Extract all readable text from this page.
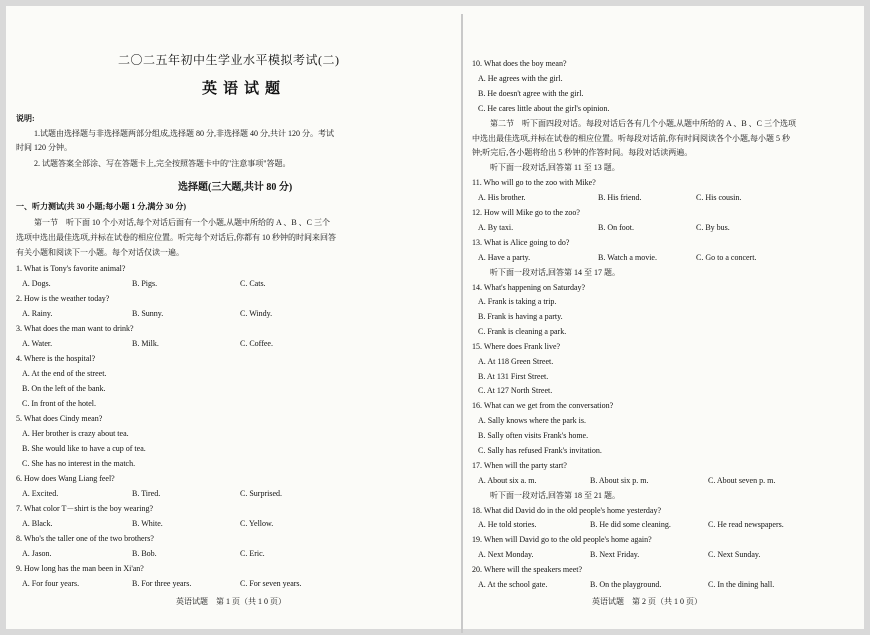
二〇二五年初中生学业水平模拟考试(二)
英语试题
说明:
1.试题由选择题与非选择题两部分组成,选择题 80 分,非选择题 40 分,共计 120 分。考试
时间 120 分钟。
2. 试题答案全部涂、写在答题卡上,完全按照答题卡中的"注意事项"答题。
选择题(三大题,共计 80 分)
一、听力测试(共 30 小题;每小题 1 分,满分 30 分)
第一节　听下面 10 个小对话,每个对话后面有一个小题,从题中所给的 A 、B 、C 三个
选项中选出最佳选项,并标在试卷的相应位置。听完每个对话后,你都有 10 秒钟的时间来回答
有关小题和阅读下一小题。每个对话仅读一遍。
1. What is Tony's favorite animal?
A. Dogs.	B. Pigs.	C. Cats.
2. How is the weather today?
A. Rainy.	B. Sunny.	C. Windy.
3. What does the man want to drink?
A. Water.	B. Milk.	C. Coffee.
4. Where is the hospital?
A. At the end of the street.
B. On the left of the bank.
C. In front of the hotel.
5. What does Cindy mean?
A. Her brother is crazy about tea.
B. She would like to have a cup of tea.
C. She has no interest in the match.
6. How does Wang Liang feel?
A. Excited.	B. Tired.	C. Surprised.
7. What color T－shirt is the boy wearing?
A. Black.	B. White.	C. Yellow.
8. Who's the taller one of the two brothers?
A. Jason.	B. Bob.	C. Eric.
9. How long has the man been in Xi'an?
A. For four years.	B. For three years.	C. For seven years.
英语试题　第 1 页（共 1 0 页）
10. What does the boy mean?
A. He agrees with the girl.
B. He doesn't agree with the girl.
C. He cares little about the girl's opinion.
第二节　听下面四段对话。每段对话后各有几个小题,从题中所给的 A 、B 、C 三个选项
中选出最佳选项,并标在试卷的相应位置。听每段对话前,你有时间阅读各个小题,每小题 5 秒
钟;听完后,各小题将给出 5 秒钟的作答时间。每段对话读两遍。
听下面一段对话,回答第 11 至 13 题。
11. Who will go to the zoo with Mike?
A. His brother.	B. His friend.	C. His cousin.
12. How will Mike go to the zoo?
A. By taxi.	B. On foot.	C. By bus.
13. What is Alice going to do?
A. Have a party.	B. Watch a movie.	C. Go to a concert.
听下面一段对话,回答第 14 至 17 题。
14. What's happening on Saturday?
A. Frank is taking a trip.
B. Frank is having a party.
C. Frank is cleaning a park.
15. Where does Frank live?
A. At 118 Green Street.
B. At 131 First Street.
C. At 127 North Street.
16. What can we get from the conversation?
A. Sally knows where the park is.
B. Sally often visits Frank's home.
C. Sally has refused Frank's invitation.
17. When will the party start?
A. About six a. m.	B. About six p. m.	C. About seven p. m.
听下面一段对话,回答第 18 至 21 题。
18. What did David do in the old people's home yesterday?
A. He told stories.	B. He did some cleaning.	C. He read newspapers.
19. When will David go to the old people's home again?
A. Next Monday.	B. Next Friday.	C. Next Sunday.
20. Where will the speakers meet?
A. At the school gate.	B. On the playground.	C. In the dining hall.
英语试题　第 2 页（共 1 0 页）
